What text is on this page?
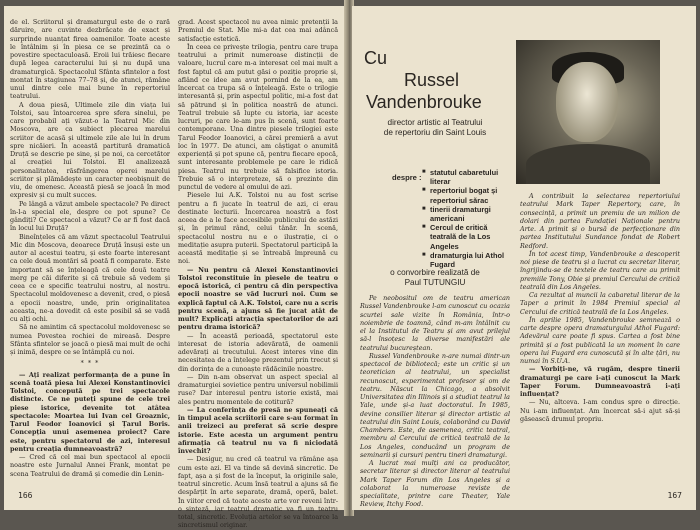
de el. Scriitorul și dramaturgul este de o rară dăruire, are cuvinte dezbrăcate de exact și surprinde nuanțat firea oamenilor. Toate aceste le întâlnim și în piesa ce se prezintă ca o povestire spectaculoasă. Eroii lui trăiesc fiecare după legea caracterului lui și nu după una dramaturgică. Spectacolul Sfânta sfintelor a fost montat în stagiunea 77–78 și, de atunci, rămâne unul dintre cele mai bune în repertoriul teatrului.

A doua piesă, Ultimele zile din viața lui Tolstoi, sau întoarcerea spre sfera sinelui, pe care probabil ați văzut-o la Teatrul Mic din Moscova, are ca subiect plecarea marelui scriitor de acasă și ultimele zile ale lui în drum spre nicăieri. În această partitură dramatică Druță se descrie pe sine, și pe noi, ca cercetător al creației lui Tolstoi. El analizează personalitatea, răsfrângerea operei marelui scriitor și plămădește un caracter neobișnuit de viu, de omenesc. Această piesă se joacă în mod expresiv și cu mult succes.

Pe lângă a văzut ambele spectacole? Pe direct în-l-a special ele, despre ce pot spune? Ce gândiți? Ce spectacol a văzut? Ce ar fi fost dacă în locul lui Druță?

Bineînțeles că am văzut spectacolul Teatrului Mic din Moscova, deoarece Druță însuși este un autor al acestui teatru, și este foarte interesant ca cele două montări să poată fi comparate. Este important să se înțeleagă că cele două teatre merg pe căi diferite și că trebuie să vedem și ceea ce e specific teatrului nostru, al nostru. Spectacolul moldovenesc a devenit, cred, o piesă a epocii noastre, unde, prin originalitatea aceasta, ne-a dovedit că este posibil să se vadă cu alți ochi.

Să ne amintim că spectacolul moldovenesc se numea Povestea rochiei de mireasă. Despre Sfânta sfintelor se joacă o piesă mai mult de ochi și inimă, despre ce se întâmplă cu noi.

* * *

— Ați realizat performanța de a pune în scenă toată piesa lui Alexei Konstantinovici Tolstoi, concepută pe trei spectacole distincte. Ce ne puteți spune de cele trei piese istorice, devenite tot atâtea spectacole: Moartea lui Ivan cel Groaznic, Țarul Feodor Ioanovici și Țarul Boris. Concepția unui asemenea proiect? Care este, pentru spectatorul de azi, interesul pentru creația dumneavoastră?

— Cred că cel mai bun spectacol al epocii noastre este Jurnalul Annei Frank, montat pe scena Teatrului de dramă și comedie din Lenin-

grad. Acest spectacol nu avea nimic pretenții la Premiul de Stat. Mie mi-a dat cea mai adâncă satisfacție estetică.

În ceea ce privește trilogia, pentru care trupa teatrului a primit numeroase distincții de valoare, lucrul care m-a interesat cel mai mult a fost faptul că am putut găsi o poziție proprie și, aflând ce idee am avut pornind de la ea, am încercat ca trupa să o înțeleagă. Este o trilogie interesantă și, prin aspectul politic, mi-a fost dat să pătrund și în politica noastră de atunci. Teatrul trebuie să lupte cu istoria, iar aceste lucruri, pe care le-am pus în scenă, sunt foarte contemporane. Una dintre piesele trilogiei este Țarul Feodor Ioanovici, a cărei premieră a avut loc în 1977. De atunci, am câștigat o anumită experiență și pot spune că, pentru fiecare epocă, sunt interesante problemele pe care le ridică piesa. Teatrul nu trebuie să falsifice istoria. Trebuie să o interpreteze, să o prezinte din punctul de vedere al omului de azi.

Piesele lui A.K. Tolstoi nu au fost scrise pentru a fi jucate în teatrul de azi, ci erau destinate lecturii. Încercarea noastră a fost aceea de a le face accesibile publicului de astăzi și, în primul rând, celui tânăr. În scenă, spectacolul nostru nu e o ilustrație, ci o meditație asupra puterii. Spectatorul participă la această meditație și se întreabă împreună cu noi.

— Nu pentru că Alexei Konstantinovici Tolstoi reconstituie în piesele de teatru o epocă istorică, ci pentru că din perspectiva epocii noastre se văd lucruri noi. Cum se explică faptul că A.K. Tolstoi, care nu a scris pentru scenă, a ajuns să fie jucat atât de mult? Explicați atracția spectatorilor de azi pentru drama istorică?

— În această perioadă, spectatorul este interesat de istoria adevărată, de oamenii adevărați ai trecutului. Acest interes vine din necesitatea de a înțelege prezentul prin trecut și din dorința de a cunoaște rădăcinile noastre.

— Din n-am observat un aspect special al dramaturgiei sovietice pentru universul nobilimii ruse? Dar interesul pentru istorie există, mai ales pentru momentele de cotitură?

— La conferința de presă ne spuneați că în timpul acela scriitorii care s-au format în anii treizeci au preferat să scrie despre istorie. Este acesta un argument pentru afirmația că teatrul nu va fi niciodată învechit?

— Desigur, nu cred că teatrul va rămâne așa cum este azi. El va tinde să devină sincretic. De fapt, așa a și fost de la început, la originile sale, teatrul sincretic. Acum însă teatrul a ajuns să fie despărțit în arte separate, dramă, operă, balet. În viitor cred că toate aceste arte vor reveni într-o sinteză, iar teatrul dramatic va fi un teatru total, sincretic. Evoluția artelor se va întoarce la sincretismul originar.

166
Cu
Russel
Vandenbrouke
director artistic al Teatrului
de repertoriu din Saint Louis
despre :
■ statutul cabaretului literar
■ repertoriul bogat și repertoriul sărac
■ tinerii dramaturgi americani
■ Cercul de critică teatrală de la Los Angeles
■ dramaturgia lui Athol Fugard
o convorbire realizată de
Paul TUTUNGIU

Pe neobositul om de teatru american Russel Vandenbrouke l-am cunoscut cu ocazia scurtei sale vizite în România, într-o noiembrie de toamnă, când m-am întâlnit cu el la Institutul de Teatru și am avut prilejul să-l însoțesc la diverse manifestări ale teatrului bucureștean.

Russel Vandenbrouke n-are numai dintr-un spectacol de bibliotecă; este un critic și un teoretician al teatrului, un specialist recunoscut, experimentat profesor și om de teatru. Născut la Chicago, a absolvit Universitatea din Illinois și a studiat teatrul la Yale, unde și-a luat doctoratul. În 1985, devine consilier literar și director artistic al teatrului din Saint Louis, colaborând cu David Chambers. Este, de asemenea, critic teatral, membru al Cercului de critică teatrală de la Los Angeles, conducând un program de seminarii și cursuri pentru tineri dramaturgi.

A lucrat mai mulți ani ca producător, secretar literar și director literar al teatrului Mark Taper Forum din Los Angeles și a colaborat la numeroase reviste de specialitate, printre care Theater, Yale Review, Itchy Food.

A contribuit la selectarea repertoriului teatrului Mark Taper Repertory, care, în consecință, a primit un premiu de un milion de dolari din partea Fundației Naționale pentru Arte. A primit și o bursă de perfecționare din partea Institutului Sundance fondat de Robert Redford.

În tot acest timp, Vandenbrouke a descoperit noi piese de teatru și a lucrat cu secretar literar, îngrijindu-se de textele de teatru care au primit premiile Tony, Obie și premiul Cercului de critică teatrală din Los Angeles.

Ca rezultat al muncii la cabaretul literar de la Taper a primit în 1984 Premiul special al Cercului de critică teatrală de la Los Angeles.

În aprilie 1985, Vandenbrouke semnează o carte despre opera dramaturgului Athol Fugard: Adevărul care poate fi spus. Cartea a fost bine primită și a fost publicată la un moment în care opera lui Fugard era cunoscută și în alte țări, nu numai în S.U.A.

— Vorbiți-ne, vă rugăm, despre tinerii dramaturgi pe care i-ați cunoscut la Mark Taper Forum. Dumneavoastră i-ați influențat?

— Nu, altceva. I-am condus spre o direcție. Nu i-am influențat. Am încercat să-i ajut să-și găsească drumul propriu.

167
